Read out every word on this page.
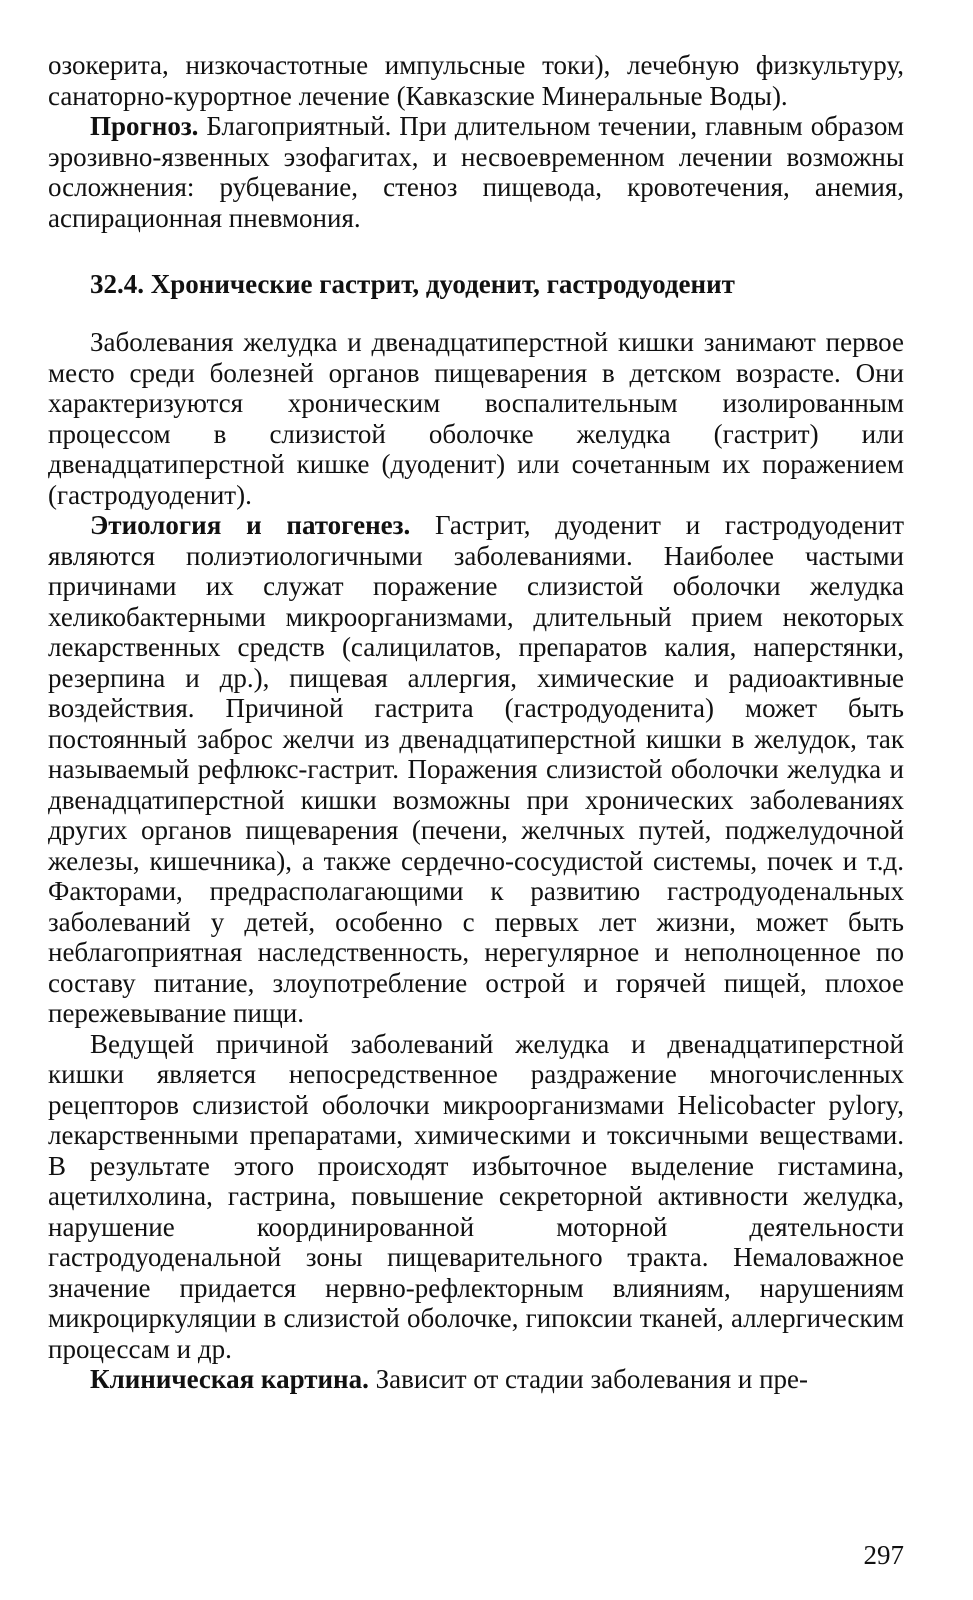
озокерита, низкочастотные импульсные токи), лечебную физкультуру, санаторно-курортное лечение (Кавказские Минеральные Воды).

Прогноз. Благоприятный. При длительном течении, главным образом эрозивно-язвенных эзофагитах, и несвоевременном лечении возможны осложнения: рубцевание, стеноз пищевода, кровотечения, анемия, аспирационная пневмония.

32.4. Хронические гастрит, дуоденит, гастродуоденит

Заболевания желудка и двенадцатиперстной кишки занимают первое место среди болезней органов пищеварения в детском возрасте. Они характеризуются хроническим воспалительным изолированным процессом в слизистой оболочке желудка (гастрит) или двенадцатиперстной кишке (дуоденит) или сочетанным их поражением (гастродуоденит).

Этиология и патогенез. Гастрит, дуоденит и гастродуоденит являются полиэтиологичными заболеваниями. Наиболее частыми причинами их служат поражение слизистой оболочки желудка хеликобактерными микроорганизмами, длительный прием некоторых лекарственных средств (салицилатов, препаратов калия, наперстянки, резерпина и др.), пищевая аллергия, химические и радиоактивные воздействия. Причиной гастрита (гастродуоденита) может быть постоянный заброс желчи из двенадцатиперстной кишки в желудок, так называемый рефлюкс-гастрит. Поражения слизистой оболочки желудка и двенадцатиперстной кишки возможны при хронических заболеваниях других органов пищеварения (печени, желчных путей, поджелудочной железы, кишечника), а также сердечно-сосудистой системы, почек и т.д. Факторами, предрасполагающими к развитию гастродуоденальных заболеваний у детей, особенно с первых лет жизни, может быть неблагоприятная наследственность, нерегулярное и неполноценное по составу питание, злоупотребление острой и горячей пищей, плохое пережевывание пищи.

Ведущей причиной заболеваний желудка и двенадцатиперстной кишки является непосредственное раздражение многочисленных рецепторов слизистой оболочки микроорганизмами Helicobacter pylory, лекарственными препаратами, химическими и токсичными веществами. В результате этого происходят избыточное выделение гистамина, ацетилхолина, гастрина, повышение секреторной активности желудка, нарушение координированной моторной деятельности гастродуоденальной зоны пищеварительного тракта. Немаловажное значение придается нервно-рефлекторным влияниям, нарушениям микроциркуляции в слизистой оболочке, гипоксии тканей, аллергическим процессам и др.

Клиническая картина. Зависит от стадии заболевания и пре-

297
